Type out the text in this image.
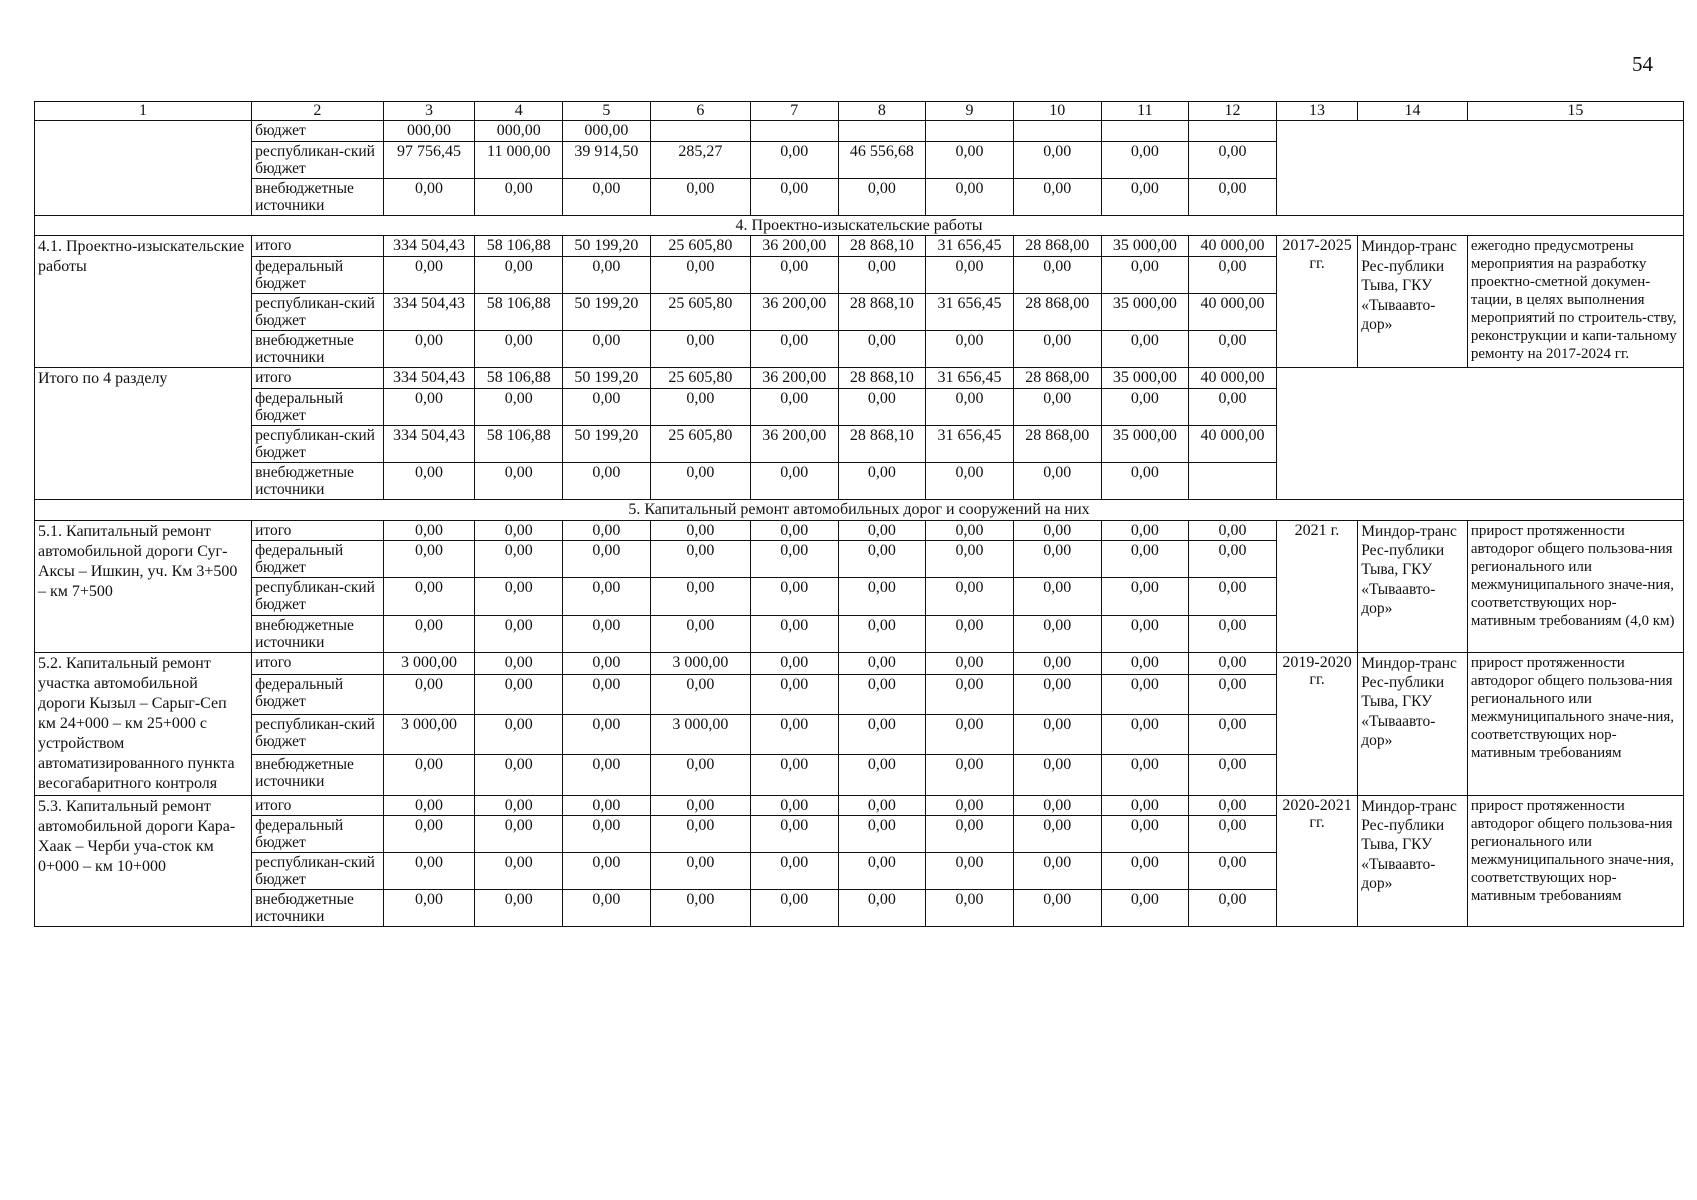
54
1	2	3	4	5	6	7	8	9	10	11	12	13	14	15
	бюджет	000,00	000,00	000,00										
	республикан-ский бюджет	97 756,45	11 000,00	39 914,50	285,27	0,00	46 556,68	0,00	0,00	0,00	0,00			
	внебюджетные источники	0,00	0,00	0,00	0,00	0,00	0,00	0,00	0,00	0,00	0,00			
4. Проектно-изыскательские работы														
4.1. Проектно-изыскательские работы	итого	334 504,43	58 106,88	50 199,20	25 605,80	36 200,00	28 868,10	31 656,45	28 868,00	35 000,00	40 000,00	2017-2025 гг.	Миндор-транс Рес-публики Тыва, ГКУ «Тываавто-дор»	ежегодно предусмотрены мероприятия на разработку проектно-сметной докумен-тации, в целях выполнения мероприятий по строитель-ству, реконструкции и капи-тальному ремонту на 2017-2024 гг.
	федеральный бюджет	0,00	0,00	0,00	0,00	0,00	0,00	0,00	0,00	0,00	0,00			
	республикан-ский бюджет	334 504,43	58 106,88	50 199,20	25 605,80	36 200,00	28 868,10	31 656,45	28 868,00	35 000,00	40 000,00			
	внебюджетные источники	0,00	0,00	0,00	0,00	0,00	0,00	0,00	0,00	0,00	0,00			
Итого по 4 разделу	итого	334 504,43	58 106,88	50 199,20	25 605,80	36 200,00	28 868,10	31 656,45	28 868,00	35 000,00	40 000,00			
	федеральный бюджет	0,00	0,00	0,00	0,00	0,00	0,00	0,00	0,00	0,00	0,00			
	республикан-ский бюджет	334 504,43	58 106,88	50 199,20	25 605,80	36 200,00	28 868,10	31 656,45	28 868,00	35 000,00	40 000,00			
	внебюджетные источники	0,00	0,00	0,00	0,00	0,00	0,00	0,00	0,00	0,00				
5. Капитальный ремонт автомобильных дорог и сооружений на них														
5.1. Капитальный ремонт автомобильной дороги Суг-Аксы – Ишкин, уч. Км 3+500 – км 7+500	итого	0,00	0,00	0,00	0,00	0,00	0,00	0,00	0,00	0,00	0,00	2021 г.	Миндор-транс Рес-публики Тыва, ГКУ «Тываавто-дор»	прирост протяженности автодорог общего пользова-ния регионального или межмуниципального значе-ния, соответствующих нор-мативным требованиям (4,0 км)
	федеральный бюджет	0,00	0,00	0,00	0,00	0,00	0,00	0,00	0,00	0,00	0,00			
	республикан-ский бюджет	0,00	0,00	0,00	0,00	0,00	0,00	0,00	0,00	0,00	0,00			
	внебюджетные источники	0,00	0,00	0,00	0,00	0,00	0,00	0,00	0,00	0,00	0,00			
5.2. Капитальный ремонт участка автомобильной дороги Кызыл – Сарыг-Сеп км 24+000 – км 25+000 с устройством автоматизированного пункта весогабаритного контроля	итого	3 000,00	0,00	0,00	3 000,00	0,00	0,00	0,00	0,00	0,00	0,00	2019-2020 гг.	Миндор-транс Рес-публики Тыва, ГКУ «Тываавто-дор»	прирост протяженности автодорог общего пользова-ния регионального или межмуниципального значе-ния, соответствующих нор-мативным требованиям
	федеральный бюджет	0,00	0,00	0,00	0,00	0,00	0,00	0,00	0,00	0,00	0,00			
	республикан-ский бюджет	3 000,00	0,00	0,00	3 000,00	0,00	0,00	0,00	0,00	0,00	0,00			
	внебюджетные источники	0,00	0,00	0,00	0,00	0,00	0,00	0,00	0,00	0,00	0,00			
5.3. Капитальный ремонт автомобильной дороги Кара-Хаак – Черби уча-сток км 0+000 – км 10+000	итого	0,00	0,00	0,00	0,00	0,00	0,00	0,00	0,00	0,00	0,00	2020-2021 гг.	Миндор-транс Рес-публики Тыва, ГКУ «Тываавто-дор»	прирост протяженности автодорог общего пользова-ния регионального или межмуниципального значе-ния, соответствующих нор-мативным требованиям
	федеральный бюджет	0,00	0,00	0,00	0,00	0,00	0,00	0,00	0,00	0,00	0,00			
	республикан-ский бюджет	0,00	0,00	0,00	0,00	0,00	0,00	0,00	0,00	0,00	0,00			
	внебюджетные источники	0,00	0,00	0,00	0,00	0,00	0,00	0,00	0,00	0,00	0,00			
